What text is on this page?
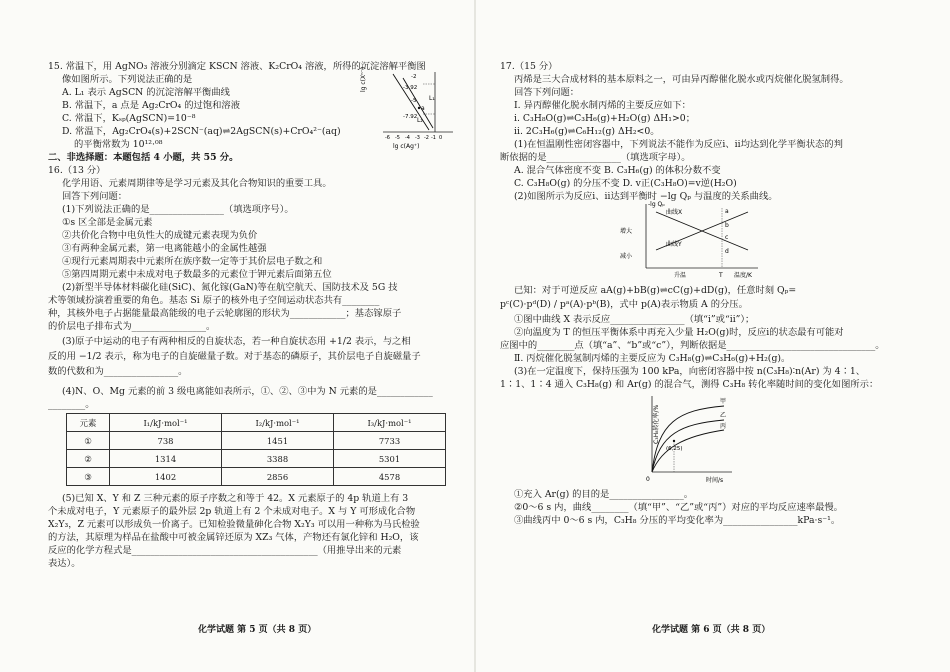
15. 常温下，用 AgNO₃ 溶液分别滴定 KSCN 溶液、K₂CrO₄ 溶液，所得的沉淀溶解平衡图
像如图所示。下列说法正确的是
A. L₁ 表示 AgSCN 的沉淀溶解平衡曲线
B. 常温下，a 点是 Ag₂CrO₄ 的过饱和溶液
C. 常温下，Kₛₚ(AgSCN)=10⁻⁸
D. 常温下，Ag₂CrO₄(s)+2SCN⁻(aq)⇌2AgSCN(s)+CrO₄²⁻(aq)
的平衡常数为 10¹²·⁰⁸
lg c(Xⁿ⁻)
lg c(Ag⁺)
-2
-3.92
-5
-7.92
-6 -5 -4 -3 -2 -1 0
L₁
L₂
a
二、非选择题：本题包括 4 小题，共 55 分。
16.（13 分）
化学用语、元素周期律等是学习元素及其化合物知识的重要工具。
回答下列问题：
(1)下列说法正确的是________________（填选项序号）。
①s 区全部是金属元素
②共价化合物中电负性大的成键元素表现为负价
③有两种金属元素，第一电离能越小的金属性越强
④现行元素周期表中元素所在族序数一定等于其价层电子数之和
⑤第四周期元素中未成对电子数最多的元素位于钾元素后面第五位
(2)新型半导体材料碳化硅(SiC)、氮化镓(GaN)等在航空航天、国防技术及 5G 技
术等领域扮演着重要的角色。基态 Si 原子的核外电子空间运动状态共有________
种，其核外电子占据能量最高能级的电子云轮廓图的形状为____________；基态镓原子
的价层电子排布式为________________。
(3)原子中运动的电子有两种相反的自旋状态，若一种自旋状态用 +1/2 表示，与之相
反的用 −1/2 表示，称为电子的自旋磁量子数。对于基态的磷原子，其价层电子自旋磁量子
数的代数和为________________。
(4)N、O、Mg 元素的前 3 级电离能如表所示，①、②、③中为 N 元素的是____________
________。
元素	I₁/kJ·mol⁻¹	I₂/kJ·mol⁻¹	I₃/kJ·mol⁻¹
①	738	1451	7733
②	1314	3388	5301
③	1402	2856	4578
(5)已知 X、Y 和 Z 三种元素的原子序数之和等于 42。X 元素原子的 4p 轨道上有 3
个未成对电子，Y 元素原子的最外层 2p 轨道上有 2 个未成对电子。X 与 Y 可形成化合物
X₂Y₃，Z 元素可以形成负一价离子。已知检验微量砷化合物 X₂Y₃ 可以用一种称为马氏检验
的方法，其原理为样品在盐酸中可被金属锌还原为 XZ₃ 气体，产物还有氯化锌和 H₂O，该
反应的化学方程式是________________________________________（用推导出来的元素
表达）。
化学试题 第 5 页（共 8 页）
17.（15 分）
丙烯是三大合成材料的基本原料之一，可由异丙醇催化脱水或丙烷催化脱氢制得。
回答下列问题：
Ⅰ. 异丙醇催化脱水制丙烯的主要反应如下：
ⅰ. C₃H₈O(g)⇌C₃H₆(g)+H₂O(g) ΔH₁>0；
ⅱ. 2C₃H₆(g)⇌C₆H₁₂(g) ΔH₂<0。
(1)在恒温刚性密闭容器中，下列说法不能作为反应ⅰ、ⅱ均达到化学平衡状态的判
断依据的是________________（填选项字母）。
A. 混合气体密度不变 B. C₃H₆(g) 的体积分数不变
C. C₃H₈O(g) 的分压不变 D. v正(C₃H₈O)=v逆(H₂O)
(2)如图所示为反应ⅰ、ⅱ达到平衡时 −lg Qₚ 与温度的关系曲线。
-lg Qₚ
温度/K
增大
减小
升温
曲线X
曲线Y
T
a
b
c
d
已知：对于可逆反应 aA(g)+bB(g)⇌cC(g)+dD(g)，任意时刻 Qₚ=
pᶜ(C)·pᵈ(D) / pᵃ(A)·pᵇ(B)，式中 p(A)表示物质 A 的分压。
①图中曲线 X 表示反应________________（填“ⅰ”或“ⅱ”）；
②向温度为 T 的恒压平衡体系中再充入少量 H₂O(g)时，反应ⅰ的状态最有可能对
应图中的________点（填“a”、“b”或“c”），判断依据是________________________________。
Ⅱ. 丙烷催化脱氢制丙烯的主要反应为 C₃H₈(g)⇌C₃H₆(g)+H₂(g)。
(3)在一定温度下，保持压强为 100 kPa，向密闭容器中按 n(C₃H₈)∶n(Ar) 为 4∶1、
1∶1、1∶4 通入 C₃H₈(g) 和 Ar(g) 的混合气，测得 C₃H₈ 转化率随时间的变化如图所示：
C₃H₈转化率/%
时间/s
0
甲
乙
丙
(6,25)
①充入 Ar(g) 的目的是________________。
②0～6 s 内，曲线________（填“甲”、“乙”或“丙”）对应的平均反应速率最慢。
③曲线丙中 0～6 s 内，C₃H₈ 分压的平均变化率为________________kPa·s⁻¹。
化学试题 第 6 页（共 8 页）
